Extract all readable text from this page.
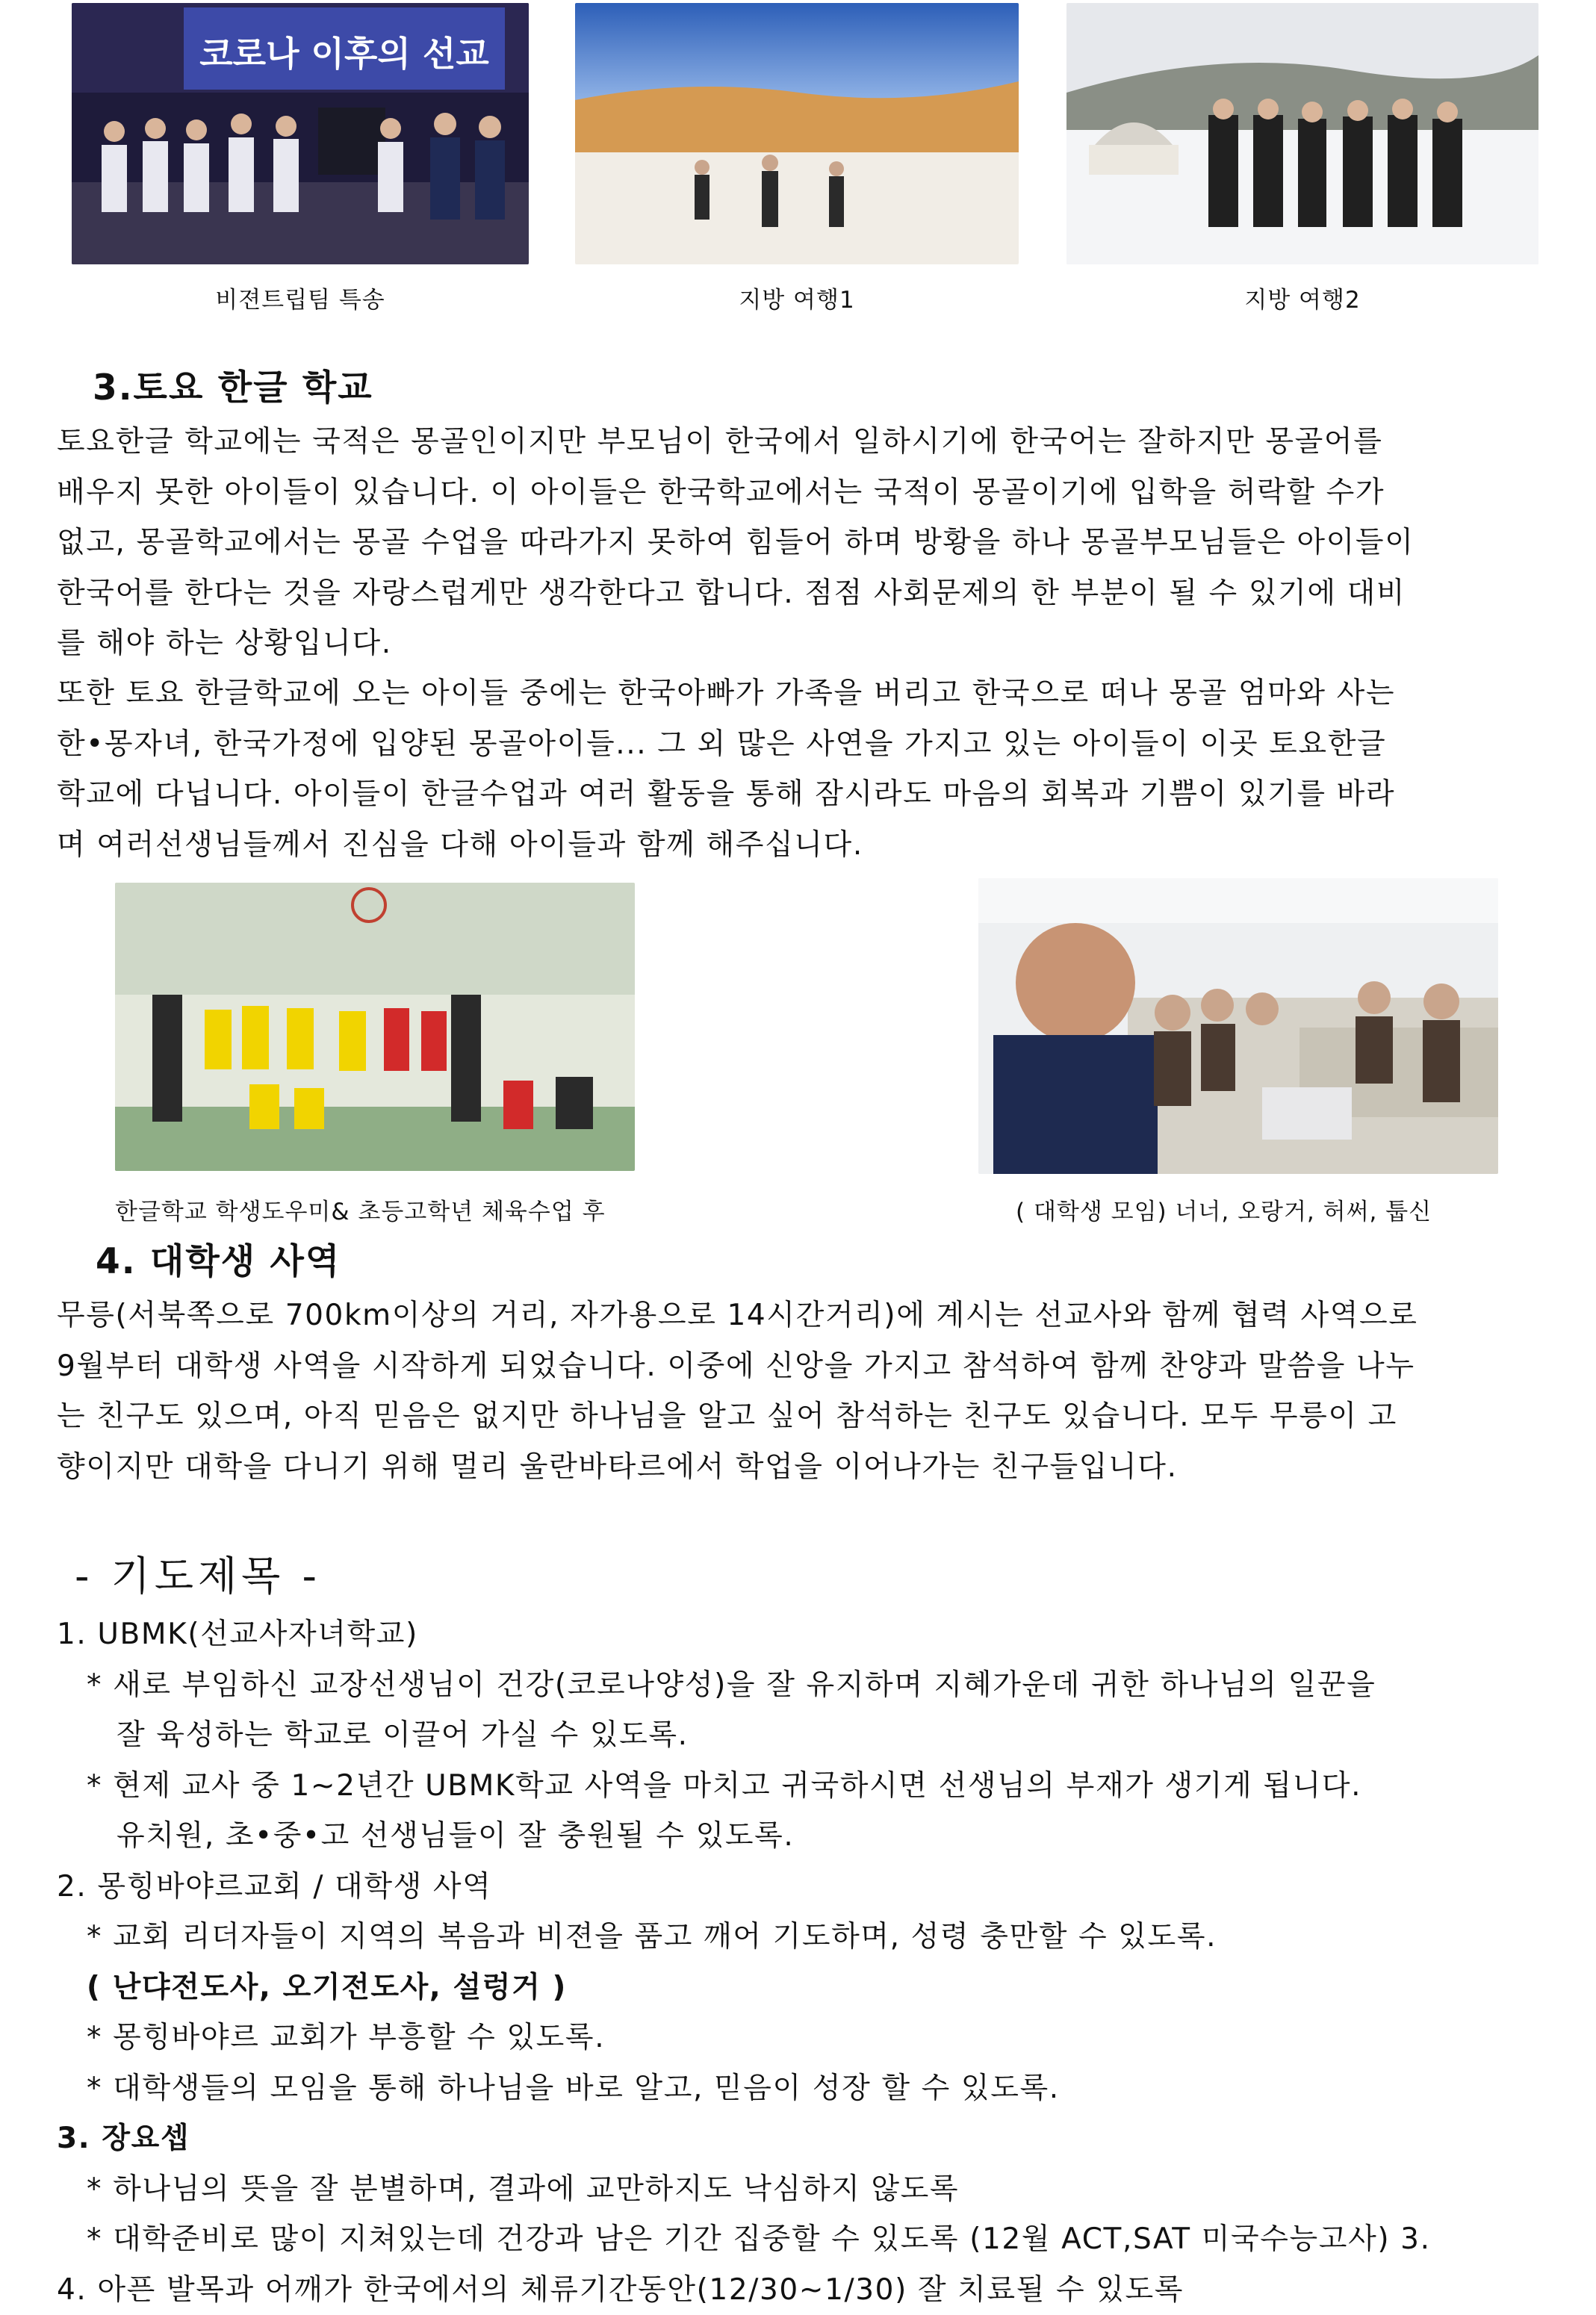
코로나 이후의 선교
비젼트립팀 특송	지방 여행1	지방 여행2
3.토요 한글 학교
토요한글 학교에는 국적은 몽골인이지만 부모님이 한국에서 일하시기에 한국어는 잘하지만 몽골어를
배우지 못한 아이들이 있습니다. 이 아이들은 한국학교에서는 국적이 몽골이기에 입학을 허락할 수가
없고, 몽골학교에서는 몽골 수업을 따라가지 못하여 힘들어 하며 방황을 하나 몽골부모님들은 아이들이
한국어를 한다는 것을 자랑스럽게만 생각한다고 합니다. 점점 사회문제의 한 부분이 될 수 있기에 대비
를 해야 하는 상황입니다.
또한 토요 한글학교에 오는 아이들 중에는 한국아빠가 가족을 버리고 한국으로 떠나 몽골 엄마와 사는
한•몽자녀, 한국가정에 입양된 몽골아이들... 그 외 많은 사연을 가지고 있는 아이들이 이곳 토요한글
학교에 다닙니다. 아이들이 한글수업과 여러 활동을 통해 잠시라도 마음의 회복과 기쁨이 있기를 바라
며 여러선생님들께서 진심을 다해 아이들과 함께 해주십니다.
한글학교 학생도우미& 초등고학년 체육수업 후	( 대학생 모임) 너너, 오랑거, 허써, 툽신
4. 대학생 사역
무릉(서북쪽으로 700km이상의 거리, 자가용으로 14시간거리)에 계시는 선교사와 함께 협력 사역으로
9월부터 대학생 사역을 시작하게 되었습니다. 이중에 신앙을 가지고 참석하여 함께 찬양과 말씀을 나누
는 친구도 있으며, 아직 믿음은 없지만 하나님을 알고 싶어 참석하는 친구도 있습니다. 모두 무릉이 고
향이지만 대학을 다니기 위해 멀리 울란바타르에서 학업을 이어나가는 친구들입니다.
- 기도제목 -
1. UBMK(선교사자녀학교)
* 새로 부임하신 교장선생님이 건강(코로나양성)을 잘 유지하며 지혜가운데 귀한 하나님의 일꾼을
잘 육성하는 학교로 이끌어 가실 수 있도록.
* 현제 교사 중 1~2년간 UBMK학교 사역을 마치고 귀국하시면 선생님의 부재가 생기게 됩니다.
유치원, 초•중•고 선생님들이 잘 충원될 수 있도록.
2. 몽힝바야르교회 / 대학생 사역
* 교회 리더자들이 지역의 복음과 비젼을 품고 깨어 기도하며, 성령 충만할 수 있도록.
( 난댜전도사, 오기전도사, 설렁거 )
* 몽힝바야르 교회가 부흥할 수 있도록.
* 대학생들의 모임을 통해 하나님을 바로 알고, 믿음이 성장 할 수 있도록.
3. 장요셉
* 하나님의 뜻을 잘 분별하며, 결과에 교만하지도 낙심하지 않도록
* 대학준비로 많이 지쳐있는데 건강과 남은 기간 집중할 수 있도록 (12월 ACT,SAT 미국수능고사) 3.
4. 아픈 발목과 어깨가 한국에서의 체류기간동안(12/30~1/30) 잘 치료될 수 있도록
